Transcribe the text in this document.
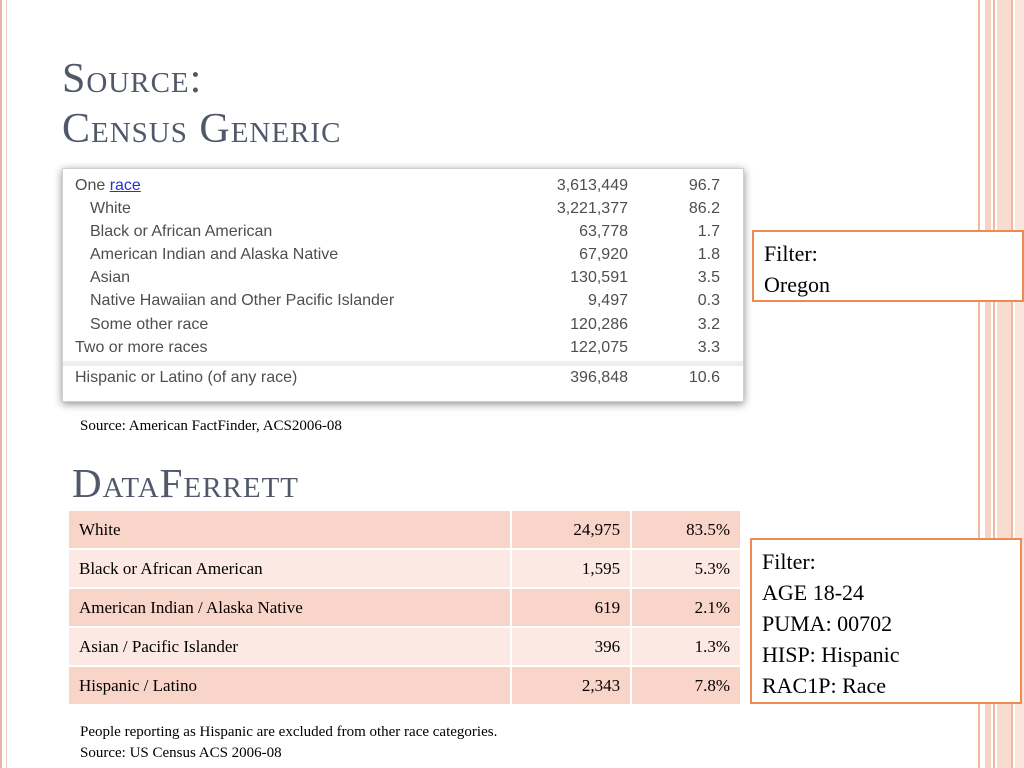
Source:
Census Generic
One race	3,613,449	96.7
White	3,221,377	86.2
Black or African American	63,778	1.7
American Indian and Alaska Native	67,920	1.8
Asian	130,591	3.5
Native Hawaiian and Other Pacific Islander	9,497	0.3
Some other race	120,286	3.2
Two or more races	122,075	3.3
Hispanic or Latino (of any race)	396,848	10.6
Source: American FactFinder, ACS2006-08
Filter:
Oregon
DataFerrett
White	24,975	83.5%
Black or African American	1,595	5.3%
American Indian / Alaska Native	619	2.1%
Asian / Pacific Islander	396	1.3%
Hispanic / Latino	2,343	7.8%
Filter:
AGE 18-24
PUMA: 00702
HISP: Hispanic
RAC1P: Race
People reporting as Hispanic are excluded from other race categories.
Source: US Census ACS 2006-08
